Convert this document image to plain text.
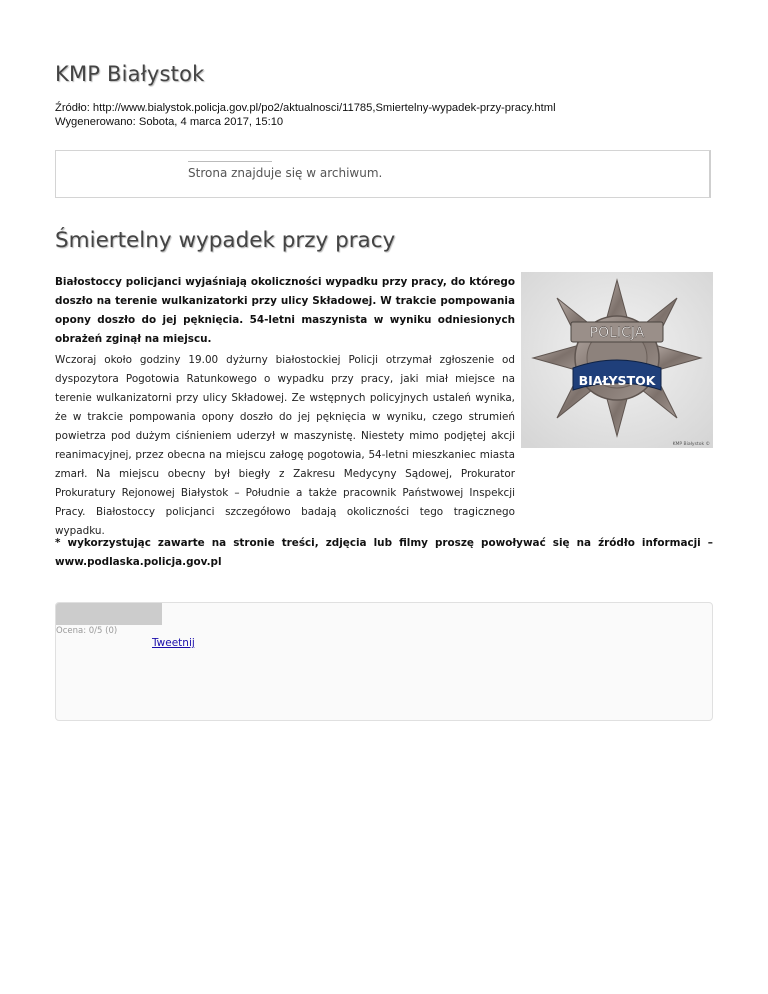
KMP Białystok
Źródło: http://www.bialystok.policja.gov.pl/po2/aktualnosci/11785,Smiertelny-wypadek-przy-pracy.html
Wygenerowano: Sobota, 4 marca 2017, 15:10
Strona znajduje się w archiwum.
Śmiertelny wypadek przy pracy

Białostoccy policjanci wyjaśniają okoliczności wypadku przy pracy, do którego doszło na terenie wulkanizatorki przy ulicy Składowej. W trakcie pompowania opony doszło do jej pęknięcia. 54-letni maszynista w wyniku odniesionych obrażeń zginął na miejscu.

Wczoraj około godziny 19.00 dyżurny białostockiej Policji otrzymał zgłoszenie od dyspozytora Pogotowia Ratunkowego o wypadku przy pracy, jaki miał miejsce na terenie wulkanizatorni przy ulicy Składowej. Ze wstępnych policyjnych ustaleń wynika, że w trakcie pompowania opony doszło do jej pęknięcia w wyniku, czego strumień powietrza pod dużym ciśnieniem uderzył w maszynistę. Niestety mimo podjętej akcji reanimacyjnej, przez obecna na miejscu załogę pogotowia, 54-letni mieszkaniec miasta zmarł. Na miejscu obecny był biegły z Zakresu Medycyny Sądowej, Prokurator Prokuratury Rejonowej Białystok – Południe a także pracownik Państwowej Inspekcji Pracy. Białostoccy policjanci szczegółowo badają okoliczności tego tragicznego wypadku.

POLICJA
BIAŁYSTOK
KMP Białystok ©

* wykorzystując zawarte na stronie treści, zdjęcia lub filmy proszę powoływać się na źródło informacji – www.podlaska.policja.gov.pl

Ocena: 0/5 (0)
Tweetnij
